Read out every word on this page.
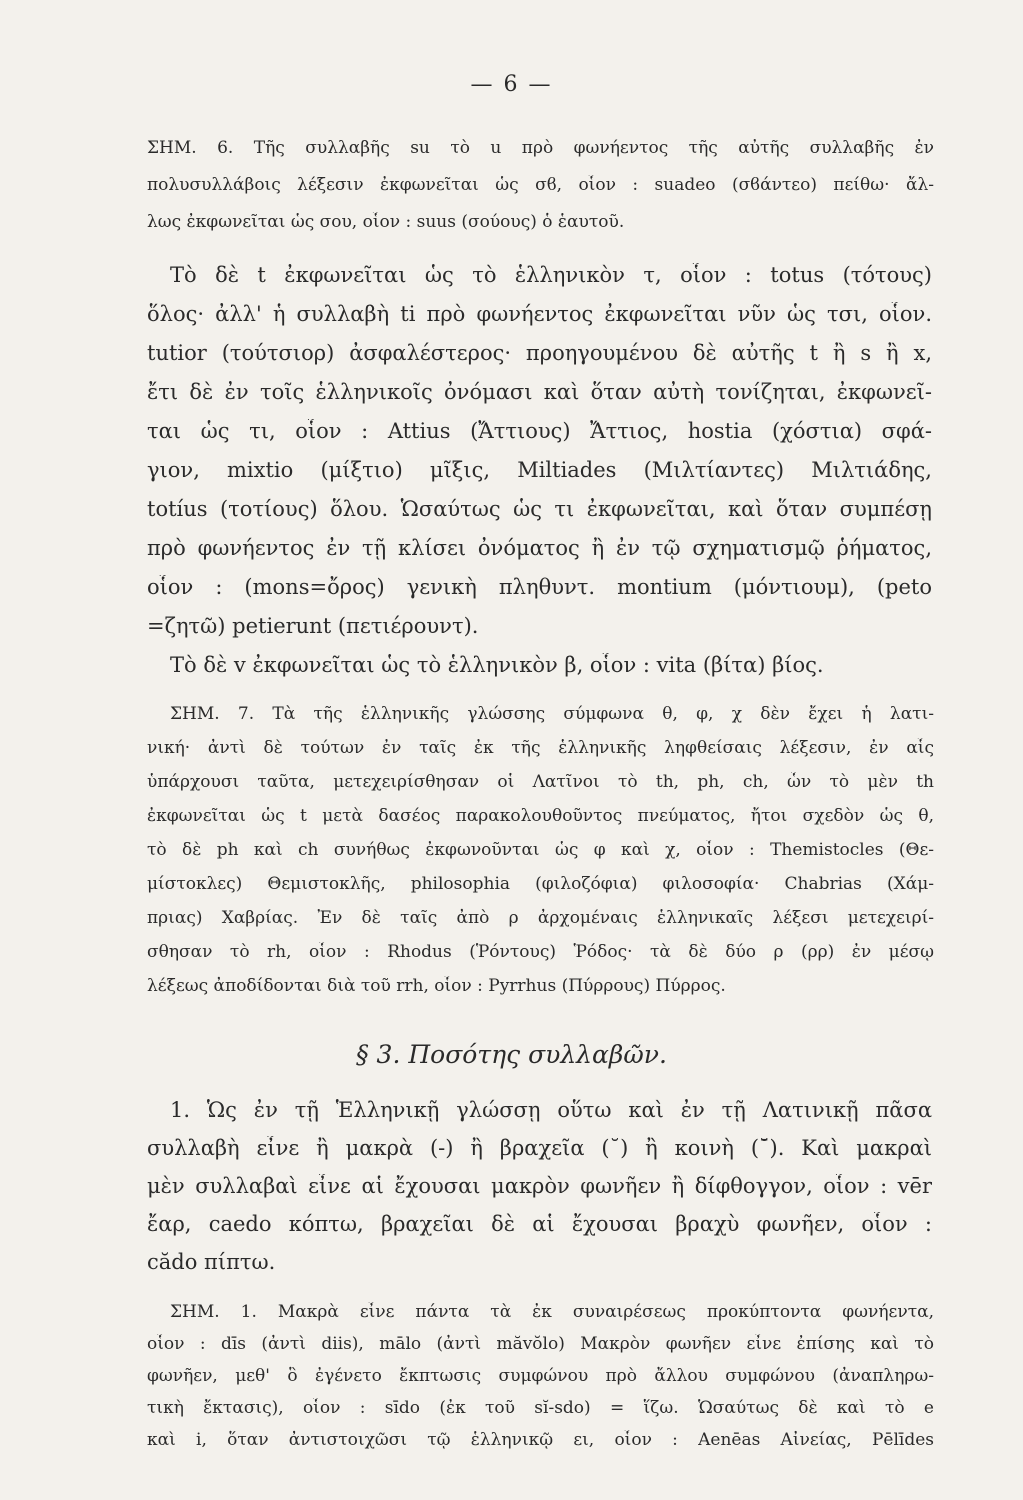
— 6 —
ΣΗΜ. 6. Τῆς συλλαβῆς su τὸ u πρὸ φωνήεντος τῆς αὐτῆς συλλαβῆς ἐν
πολυσυλλάβοις λέξεσιν ἐκφωνεῖται ὡς σϐ, οἷον : suadeo (σϐάντεο) πείθω· ἄλ-
λως ἐκφωνεῖται ὡς σου, οἷον : suus (σούους) ὁ ἑαυτοῦ.
Τὸ δὲ t ἐκφωνεῖται ὡς τὸ ἑλληνικὸν τ, οἷον : totus (τότους)
ὅλος· ἀλλ' ἡ συλλαβὴ ti πρὸ φωνήεντος ἐκφωνεῖται νῦν ὡς τσι, οἷον.
tutior (τούτσιορ) ἀσφαλέστερος· προηγουμένου δὲ αὐτῆς t ἢ s ἢ x,
ἔτι δὲ ἐν τοῖς ἑλληνικοῖς ὀνόμασι καὶ ὅταν αὐτὴ τονίζηται, ἐκφωνεῖ-
ται ὡς τι, οἷον : Attius (Ἄττιους) Ἄττιος, hostia (χόστια) σφά-
γιον, mixtio (μίξτιο) μῖξις, Miltiades (Μιλτίαντες) Μιλτιάδης,
totíus (τοτίους) ὅλου. Ὡσαύτως ὡς τι ἐκφωνεῖται, καὶ ὅταν συμπέσῃ
πρὸ φωνήεντος ἐν τῇ κλίσει ὀνόματος ἢ ἐν τῷ σχηματισμῷ ῥήματος,
οἷον : (mons=ὄρος) γενικὴ πληθυντ. montium (μόντιουμ), (peto
=ζητῶ) petierunt (πετιέρουντ).
Τὸ δὲ v ἐκφωνεῖται ὡς τὸ ἑλληνικὸν β, οἷον : vita (βίτα) βίος.
ΣΗΜ. 7. Τὰ τῆς ἑλληνικῆς γλώσσης σύμφωνα θ, φ, χ δὲν ἔχει ἡ λατι-
νική· ἀντὶ δὲ τούτων ἐν ταῖς ἐκ τῆς ἑλληνικῆς ληφθείσαις λέξεσιν, ἐν αἷς
ὑπάρχουσι ταῦτα, μετεχειρίσθησαν οἱ Λατῖνοι τὸ th, ph, ch, ὧν τὸ μὲν th
ἐκφωνεῖται ὡς t μετὰ δασέος παρακολουθοῦντος πνεύματος, ἤτοι σχεδὸν ὡς θ,
τὸ δὲ ph καὶ ch συνήθως ἐκφωνοῦνται ὡς φ καὶ χ, οἷον : Themistocles (Θε-
μίστοκλες) Θεμιστοκλῆς, philosophia (φιλοζόφια) φιλοσοφία· Chabrias (Χάμ-
πριας) Χαβρίας. Ἐν δὲ ταῖς ἀπὸ ρ ἀρχομέναις ἑλληνικαῖς λέξεσι μετεχειρί-
σθησαν τὸ rh, οἷον : Rhodus (Ῥόντους) Ῥόδος· τὰ δὲ δύο ρ (ρρ) ἐν μέσῳ
λέξεως ἀποδίδονται διὰ τοῦ rrh, οἷον : Pyrrhus (Πύρρους) Πύρρος.
§ 3. Ποσότης συλλαβῶν.
1. Ὡς ἐν τῇ Ἑλληνικῇ γλώσσῃ οὕτω καὶ ἐν τῇ Λατινικῇ πᾶσα
συλλαβὴ εἶνε ἢ μακρὰ (-) ἢ βραχεῖα (˘) ἢ κοινὴ (˘̄). Καὶ μακραὶ
μὲν συλλαβαὶ εἶνε αἱ ἔχουσαι μακρὸν φωνῆεν ἢ δίφθογγον, οἷον : vēr
ἔαρ, caedo κόπτω, βραχεῖαι δὲ αἱ ἔχουσαι βραχὺ φωνῆεν, οἷον :
cădo πίπτω.
ΣΗΜ. 1. Μακρὰ εἶνε πάντα τὰ ἐκ συναιρέσεως προκύπτοντα φωνήεντα,
οἷον : dīs (ἀντὶ diis), mālo (ἀντὶ măvŏlo) Μακρὸν φωνῆεν εἶνε ἐπίσης καὶ τὸ
φωνῆεν, μεθ' ὃ ἐγένετο ἔκπτωσις συμφώνου πρὸ ἄλλου συμφώνου (ἀναπληρω-
τικὴ ἔκτασις), οἷον : sīdo (ἐκ τοῦ sĭ-sdo) = ἵζω. Ὡσαύτως δὲ καὶ τὸ e
καὶ i, ὅταν ἀντιστοιχῶσι τῷ ἑλληνικῷ ει, οἷον : Aenēas Αἰνείας, Pēlīdes
